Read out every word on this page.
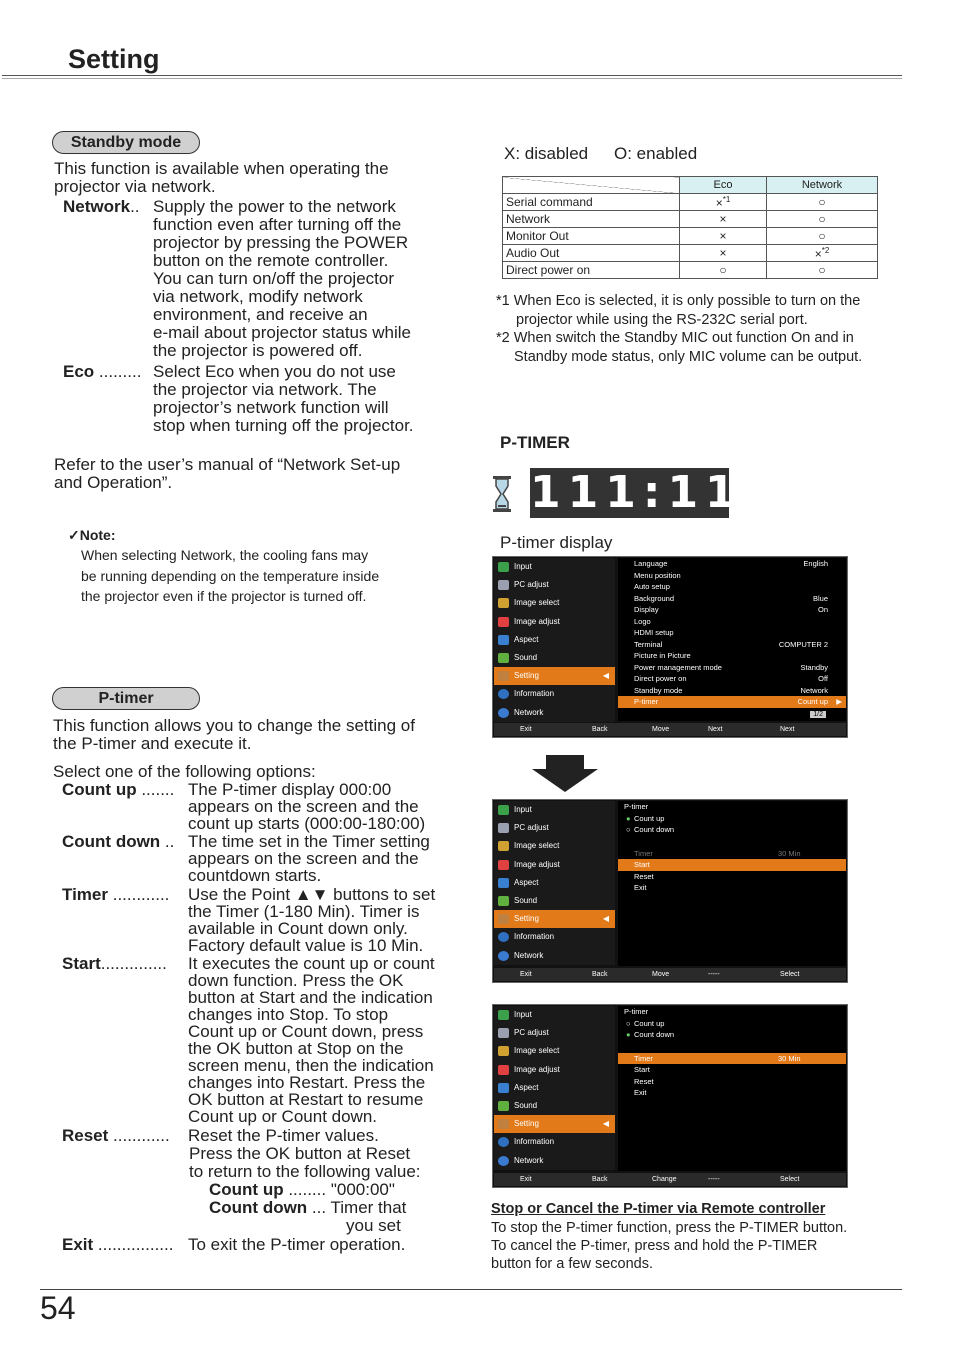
Setting
Standby mode
This function is available when operating the
projector via network.
Network.. Supply the power to the network
function even after turning off the
projector by pressing the POWER
button on the remote controller.
You can turn on/off the projector
via network, modify network
environment, and receive an
e-mail about projector status while
the projector is powered off.
Eco ......... Select Eco when you do not use
the projector via network. The
projector’s network function will
stop when turning off the projector.
Refer to the user’s manual of “Network Set-up
and Operation”.
✓Note:
When selecting Network, the cooling fans may
be running depending on the temperature inside
the projector even if the projector is turned off.
X: disabled O: enabled
	Eco	Network
Serial command	×$^{*1}$	○
Network	×	○
Monitor Out	×	○
Audio Out	×	×$^{*2}$
Direct power on	○	○
*1 When Eco is selected, it is only possible to turn on the
projector while using the RS-232C serial port.
*2 When switch the Standby MIC out function On and in
Standby mode status, only MIC volume can be output.
P-TIMER
111:11
P-timer display
Input
PC adjust
Image select
Image adjust
Aspect
Sound
Setting	◀
Information
Network
Language	English
Menu position
Auto setup
Background	Blue
Display	On
Logo
HDMI setup
Terminal	COMPUTER 2
Picture in Picture
Power management mode	Standby
Direct power on	Off
Standby mode	Network
P-timer	Count up ▶
1/2
Exit	Back	Move	Next	Next
Input
PC adjust
Image select
Image adjust
Aspect
Sound
Setting	◀
Information
Network
P-timer
● Count up
○ Count down
Timer	30 Min
Start
Reset
Exit
Exit	Back	Move	-----	Select
Input
PC adjust
Image select
Image adjust
Aspect
Sound
Setting	◀
Information
Network
P-timer
○ Count up
● Count down
Timer	30 Min
Start
Reset
Exit
Exit	Back	Change	-----	Select
Stop or Cancel the P-timer via Remote controller
To stop the P-timer function, press the P-TIMER button.
To cancel the P-timer, press and hold the P-TIMER
button for a few seconds.
P-timer
This function allows you to change the setting of
the P-timer and execute it.
Select one of the following options:
Count up ....... The P-timer display 000:00
appears on the screen and the
count up starts (000:00-180:00)
Count down .. The time set in the Timer setting
appears on the screen and the
countdown starts.
Timer ............ Use the Point ▲▼ buttons to set
the Timer (1-180 Min). Timer is
available in Count down only.
Factory default value is 10 Min.
Start.............. It executes the count up or count
down function. Press the OK
button at Start and the indication
changes into Stop. To stop
Count up or Count down, press
the OK button at Stop on the
screen menu, then the indication
changes into Restart. Press the
OK button at Restart to resume
Count up or Count down.
Reset ............ Reset the P-timer values.
Press the OK button at Reset
to return to the following value:
Count up ........ "000:00"
Count down ... Timer that
you set
Exit ................ To exit the P-timer operation.
54
